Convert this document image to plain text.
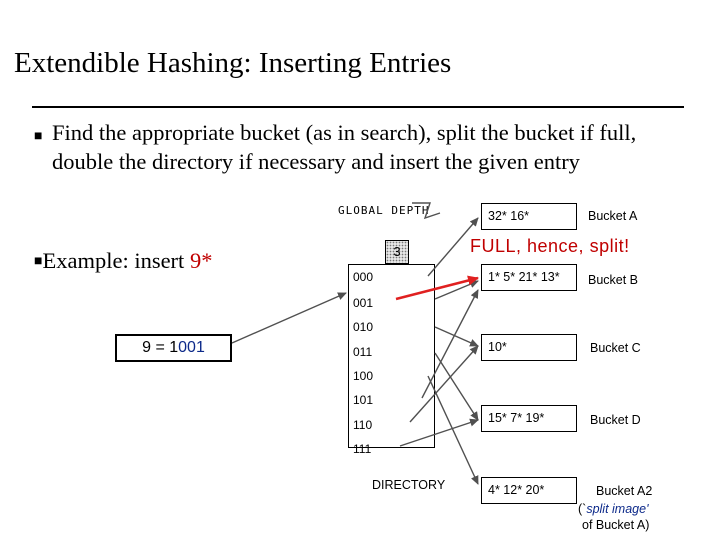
Extendible Hashing: Inserting Entries
■ Find the appropriate bucket (as in search), split the bucket if full, double the directory if necessary and insert the given entry
■Example: insert 9*
9 = 1001
GLOBAL DEPTH
3
000
001
010
011
100
101
110
111
DIRECTORY
FULL, hence, split!
32* 16*	Bucket A
1* 5* 21* 13*	Bucket B
10*	Bucket C
15* 7* 19*	Bucket D
4* 12* 20*	Bucket A2
(`split image'
of Bucket A)
